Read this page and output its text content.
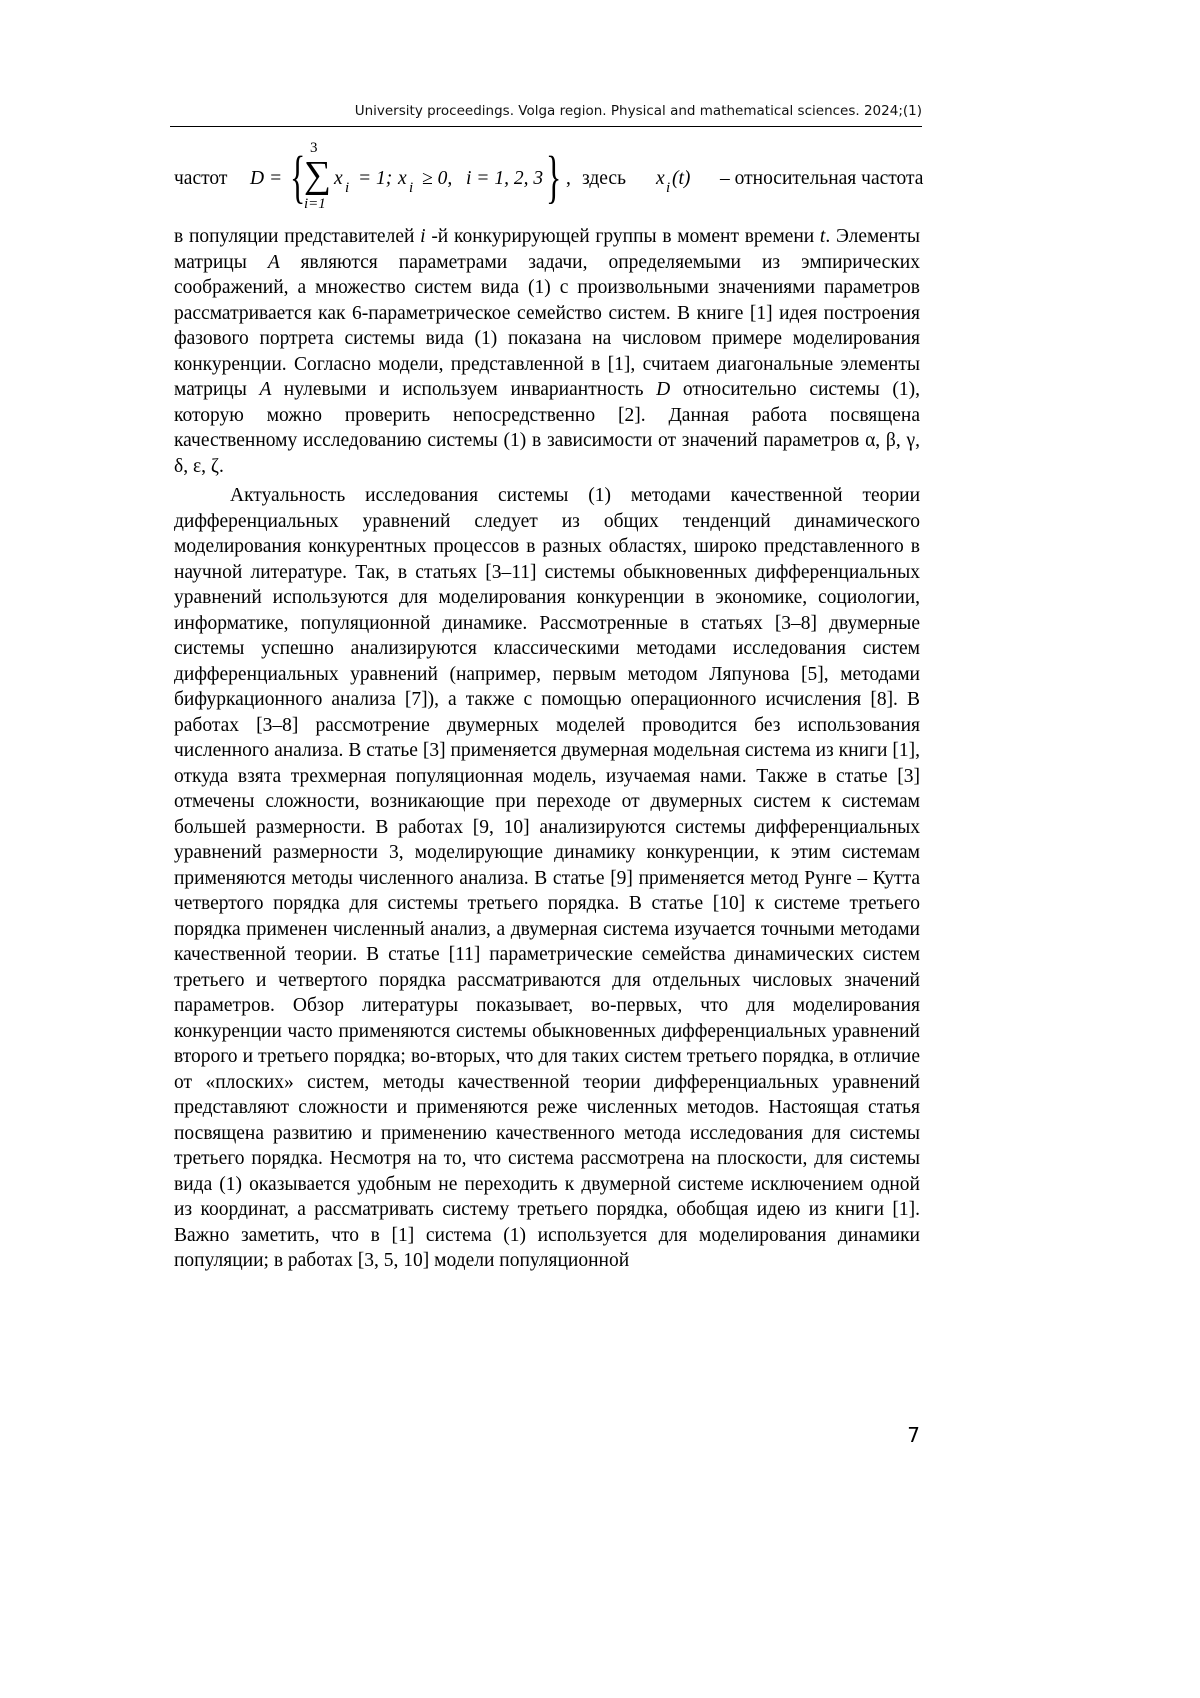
University proceedings. Volga region. Physical and mathematical sciences. 2024;(1)
частот D = { 3
∑
i=1
x i = 1; x i ≥ 0, i = 1, 2, 3 } , здесь x i (t) – относительная частота

в популяции представителей i -й конкурирующей группы в момент времени t. Элементы матрицы A являются параметрами задачи, определяемыми из эмпирических соображений, а множество систем вида (1) с произвольными значениями параметров рассматривается как 6-параметрическое семейство систем. В книге [1] идея построения фазового портрета системы вида (1) показана на числовом примере моделирования конкуренции. Согласно модели, представленной в [1], считаем диагональные элементы матрицы A нулевыми и используем инвариантность D относительно системы (1), которую можно проверить непосредственно [2]. Данная работа посвящена качественному исследованию системы (1) в зависимости от значений параметров α, β, γ, δ, ε, ζ.

Актуальность исследования системы (1) методами качественной теории дифференциальных уравнений следует из общих тенденций динамического моделирования конкурентных процессов в разных областях, широко представленного в научной литературе. Так, в статьях [3–11] системы обыкновенных дифференциальных уравнений используются для моделирования конкуренции в экономике, социологии, информатике, популяционной динамике. Рассмотренные в статьях [3–8] двумерные системы успешно анализируются классическими методами исследования систем дифференциальных уравнений (например, первым методом Ляпунова [5], методами бифуркационного анализа [7]), а также с помощью операционного исчисления [8]. В работах [3–8] рассмотрение двумерных моделей проводится без использования численного анализа. В статье [3] применяется двумерная модельная система из книги [1], откуда взята трехмерная популяционная модель, изучаемая нами. Также в статье [3] отмечены сложности, возникающие при переходе от двумерных систем к системам большей размерности. В работах [9, 10] анализируются системы дифференциальных уравнений размерности 3, моделирующие динамику конкуренции, к этим системам применяются методы численного анализа. В статье [9] применяется метод Рунге – Кутта четвертого порядка для системы третьего порядка. В статье [10] к системе третьего порядка применен численный анализ, а двумерная система изучается точными методами качественной теории. В статье [11] параметрические семейства динамических систем третьего и четвертого порядка рассматриваются для отдельных числовых значений параметров. Обзор литературы показывает, во-первых, что для моделирования конкуренции часто применяются системы обыкновенных дифференциальных уравнений второго и третьего порядка; во-вторых, что для таких систем третьего порядка, в отличие от «плоских» систем, методы качественной теории дифференциальных уравнений представляют сложности и применяются реже численных методов. Настоящая статья посвящена развитию и применению качественного метода исследования для системы третьего порядка. Несмотря на то, что система рассмотрена на плоскости, для системы вида (1) оказывается удобным не переходить к двумерной системе исключением одной из координат, а рассматривать систему третьего порядка, обобщая идею из книги [1]. Важно заметить, что в [1] система (1) используется для моделирования динамики популяции; в работах [3, 5, 10] модели популяционной

7
